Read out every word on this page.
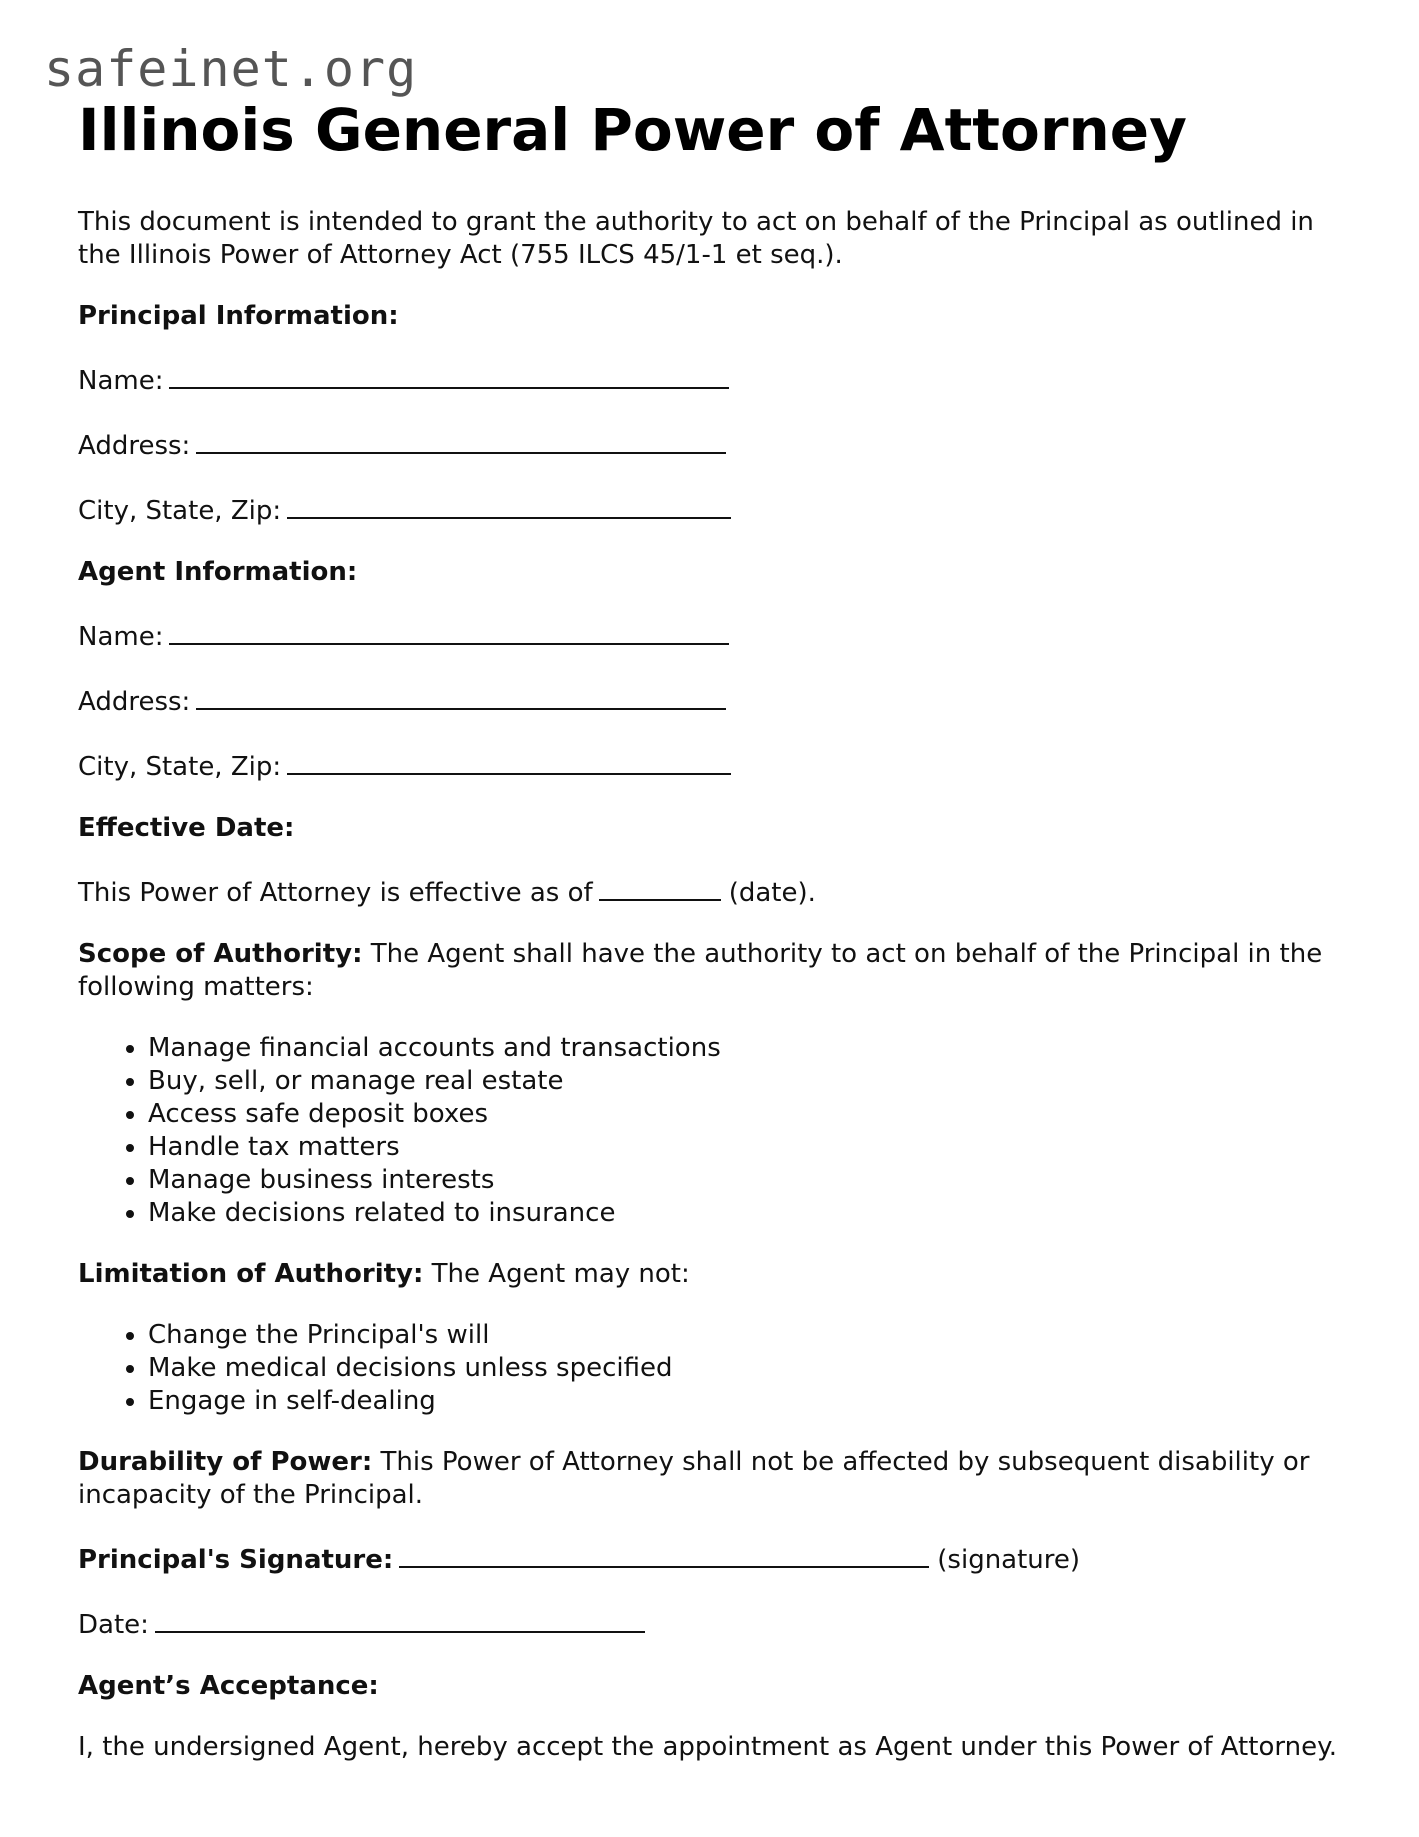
safeinet.org
Illinois General Power of Attorney

This document is intended to grant the authority to act on behalf of the Principal as outlined in the Illinois Power of Attorney Act (755 ILCS 45/1-1 et seq.).

Principal Information:

Name:

Address:

City, State, Zip:

Agent Information:

Name:

Address:

City, State, Zip:

Effective Date:

This Power of Attorney is effective as of	(date).

Scope of Authority: The Agent shall have the authority to act on behalf of the Principal in the following matters:

• Manage financial accounts and transactions
• Buy, sell, or manage real estate
• Access safe deposit boxes
• Handle tax matters
• Manage business interests
• Make decisions related to insurance

Limitation of Authority: The Agent may not:

• Change the Principal's will
• Make medical decisions unless specified
• Engage in self-dealing

Durability of Power: This Power of Attorney shall not be affected by subsequent disability or incapacity of the Principal.

Principal's Signature:	(signature)

Date:

Agent’s Acceptance:

I, the undersigned Agent, hereby accept the appointment as Agent under this Power of Attorney.
